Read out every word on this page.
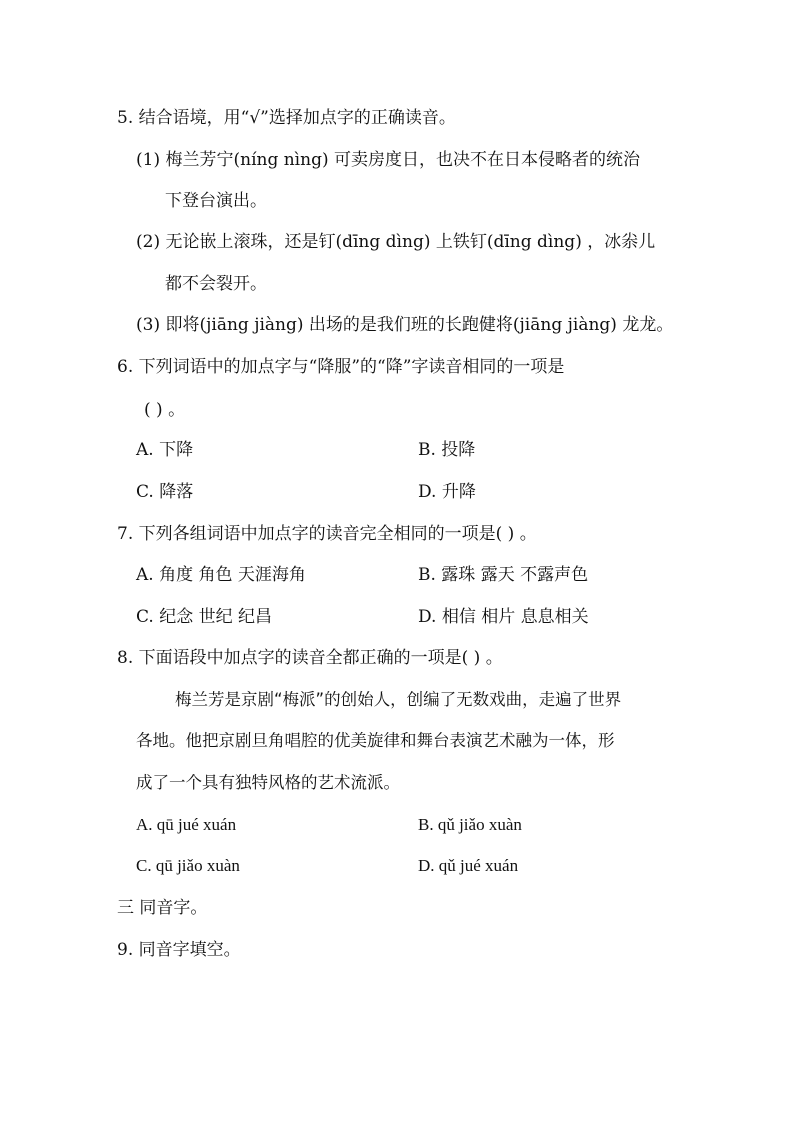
5. 结合语境，用“√”选择加点字的正确读音。
(1) 梅兰芳宁(níng nìng) 可卖房度日，也决不在日本侵略者的统治
下登台演出。
(2) 无论嵌上滚珠，还是钉(dīng dìng) 上铁钉(dīng dìng) ，冰尜儿
都不会裂开。
(3) 即将(jiāng jiàng) 出场的是我们班的长跑健将(jiāng jiàng) 龙龙。
6. 下列词语中的加点字与“降服”的“降”字读音相同的一项是
( ) 。
A. 下降	B. 投降
C. 降落	D. 升降
7. 下列各组词语中加点字的读音完全相同的一项是( ) 。
A. 角度 角色 天涯海角	B. 露珠 露天 不露声色
C. 纪念 世纪 纪昌	D. 相信 相片 息息相关
8. 下面语段中加点字的读音全都正确的一项是( ) 。
梅兰芳是京剧“梅派”的创始人，创编了无数戏曲，走遍了世界
各地。他把京剧旦角唱腔的优美旋律和舞台表演艺术融为一体，形
成了一个具有独特风格的艺术流派。
A. qū jué xuán	B. qǔ jiǎo xuàn
C. qū jiǎo xuàn	D. qǔ jué xuán
三 同音字。
9. 同音字填空。
